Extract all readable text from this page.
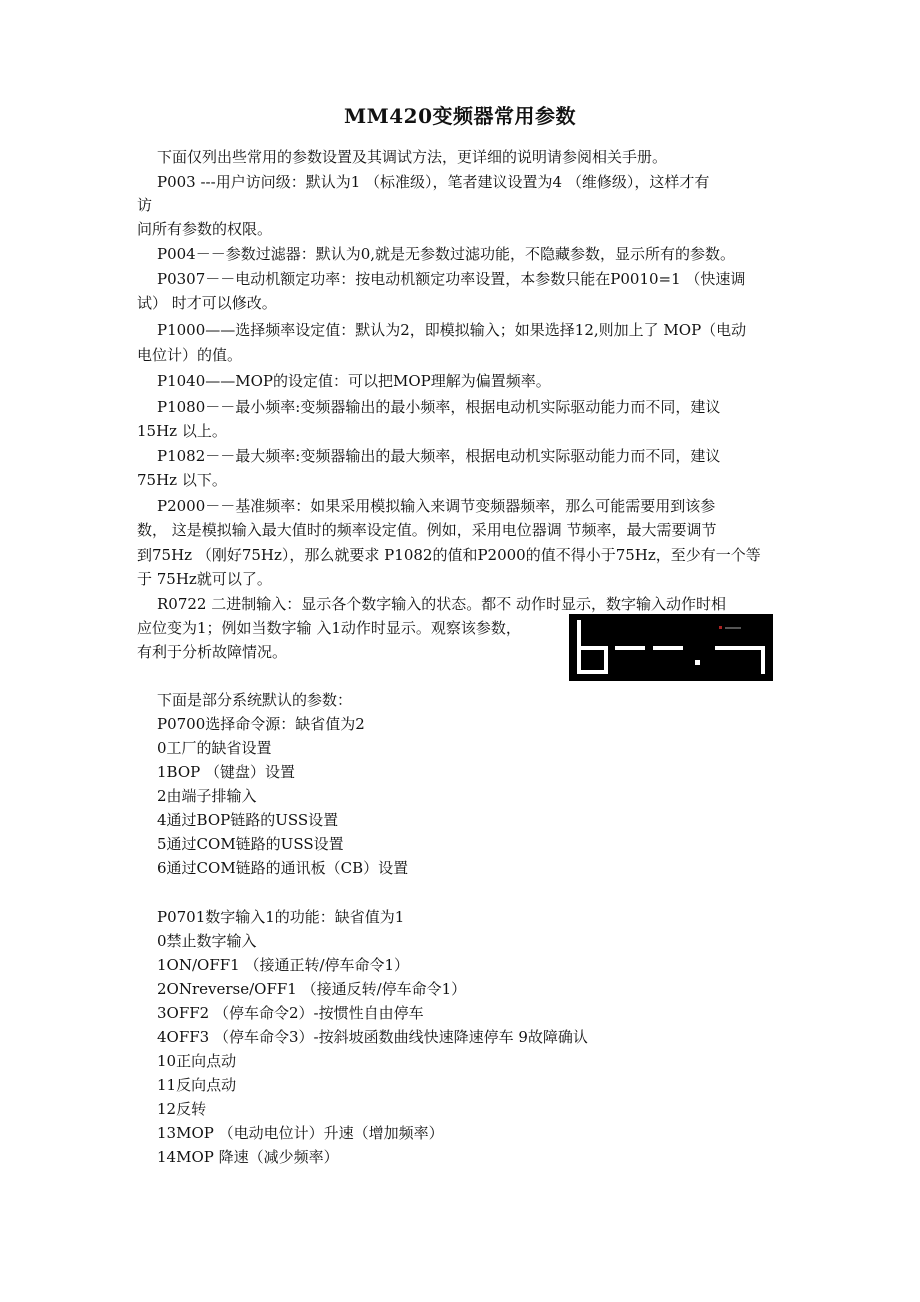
MM420变频器常用参数
下面仅列出些常用的参数设置及其调试方法，更详细的说明请参阅相关手册。
P003 ---用户访问级：默认为1 （标准级），笔者建议设置为4 （维修级），这样才有
访
问所有参数的权限。
P004－－参数过滤器：默认为0,就是无参数过滤功能，不隐藏参数，显示所有的参数。
P0307－－电动机额定功率：按电动机额定功率设置，本参数只能在P0010=1 （快速调
试） 时才可以修改。
P1000——选择频率设定值：默认为2，即模拟输入；如果选择12,则加上了 MOP（电动
电位计）的值。
P1040——MOP的设定值：可以把MOP理解为偏置频率。
P1080－－最小频率:变频器输出的最小频率，根据电动机实际驱动能力而不同，建议
15Hz 以上。
P1082－－最大频率:变频器输出的最大频率，根据电动机实际驱动能力而不同，建议
75Hz 以下。
P2000－－基准频率：如果采用模拟输入来调节变频器频率，那么可能需要用到该参
数， 这是模拟输入最大值时的频率设定值。例如，采用电位器调 节频率，最大需要调节
到75Hz （刚好75Hz），那么就要求 P1082的值和P2000的值不得小于75Hz，至少有一个等
于 75Hz就可以了。
R0722 二进制输入：显示各个数字输入的状态。都不 动作时显示，数字输入动作时相
应位变为1；例如当数字输 入1动作时显示。观察该参数，
有利于分析故障情况。
下面是部分系统默认的参数：
P0700选择命令源：缺省值为2
0工厂的缺省设置
1BOP （键盘）设置
2由端子排输入
4通过BOP链路的USS设置
5通过COM链路的USS设置
6通过COM链路的通讯板（CB）设置
P0701数字输入1的功能：缺省值为1
0禁止数字输入
1ON/OFF1 （接通正转/停车命令1）
2ONreverse/OFF1 （接通反转/停车命令1）
3OFF2 （停车命令2）-按惯性自由停车
4OFF3 （停车命令3）-按斜坡函数曲线快速降速停车 9故障确认
10正向点动
11反向点动
12反转
13MOP （电动电位计）升速（增加频率）
14MOP 降速（减少频率）
